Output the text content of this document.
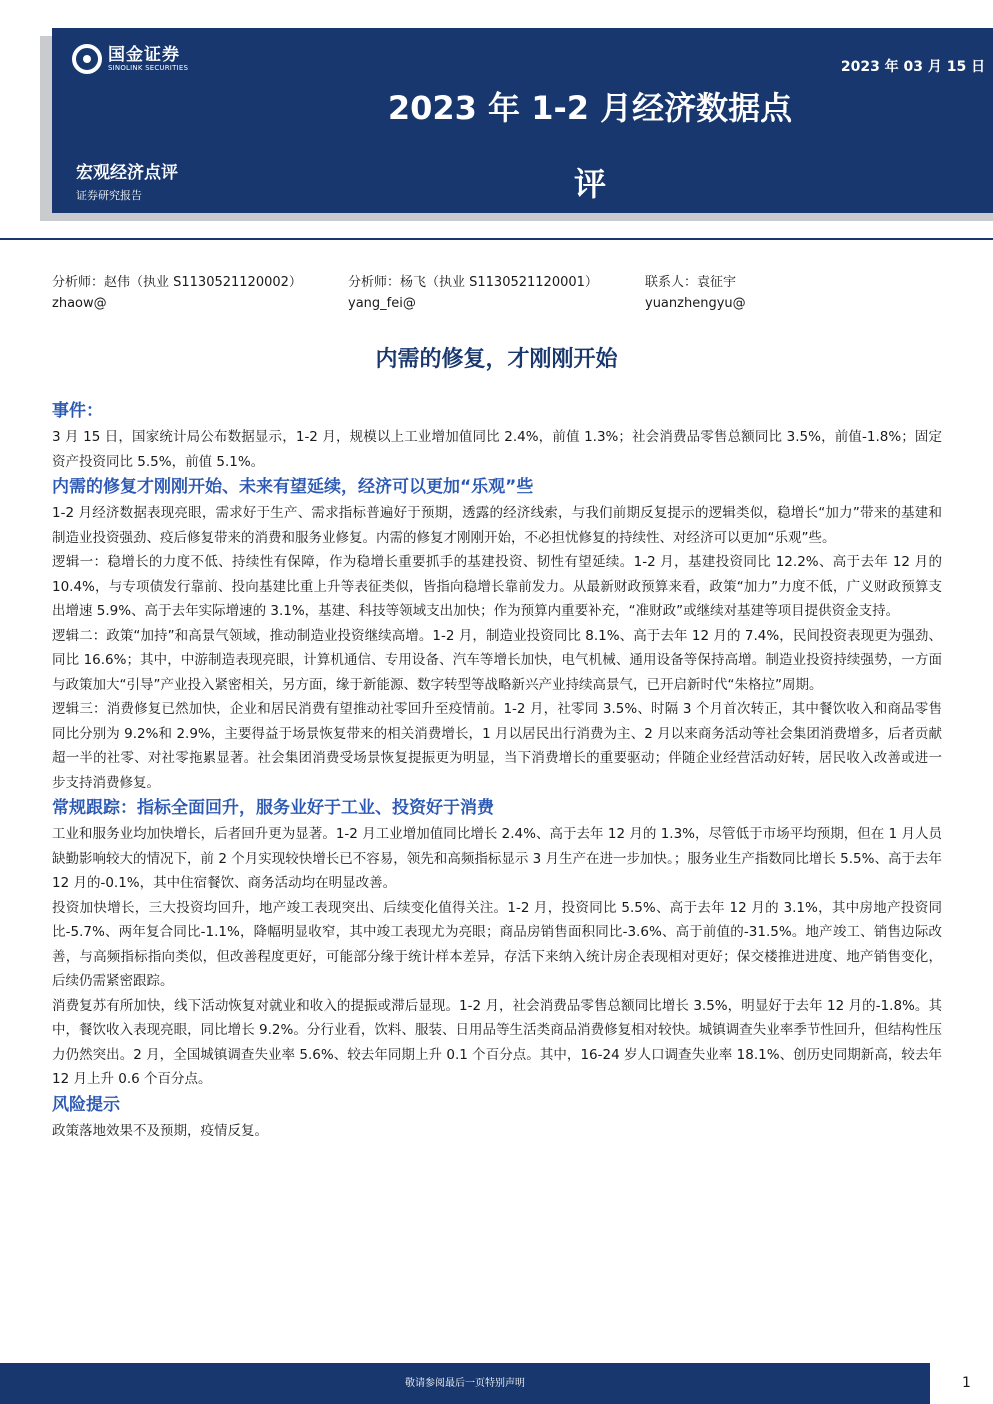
国金证券
SINOLINK SECURITIES	2023 年 03 月 15 日
2023 年 1-2 月经济数据点
评
宏观经济点评
证券研究报告
分析师：赵伟（执业 S1130521120002）
zhaow@
分析师：杨飞（执业 S1130521120001）
yang_fei@
联系人：袁征宇
yuanzhengyu@
内需的修复，才刚刚开始
事件：

3 月 15 日，国家统计局公布数据显示，1-2 月，规模以上工业增加值同比 2.4%，前值 1.3%；社会消费品零售总额同比 3.5%，前值-1.8%；固定资产投资同比 5.5%，前值 5.1%。

内需的修复才刚刚开始、未来有望延续，经济可以更加“乐观”些

1-2 月经济数据表现亮眼，需求好于生产、需求指标普遍好于预期，透露的经济线索，与我们前期反复提示的逻辑类似，稳增长“加力”带来的基建和制造业投资强劲、疫后修复带来的消费和服务业修复。内需的修复才刚刚开始，不必担忧修复的持续性、对经济可以更加“乐观”些。

逻辑一：稳增长的力度不低、持续性有保障，作为稳增长重要抓手的基建投资、韧性有望延续。1-2 月，基建投资同比 12.2%、高于去年 12 月的 10.4%，与专项债发行靠前、投向基建比重上升等表征类似，皆指向稳增长靠前发力。从最新财政预算来看，政策“加力”力度不低，广义财政预算支出增速 5.9%、高于去年实际增速的 3.1%，基建、科技等领域支出加快；作为预算内重要补充，“准财政”或继续对基建等项目提供资金支持。

逻辑二：政策“加持”和高景气领域，推动制造业投资继续高增。1-2 月，制造业投资同比 8.1%、高于去年 12 月的 7.4%，民间投资表现更为强劲、同比 16.6%；其中，中游制造表现亮眼，计算机通信、专用设备、汽车等增长加快，电气机械、通用设备等保持高增。制造业投资持续强势，一方面与政策加大“引导”产业投入紧密相关，另方面，缘于新能源、数字转型等战略新兴产业持续高景气，已开启新时代“朱格拉”周期。

逻辑三：消费修复已然加快，企业和居民消费有望推动社零回升至疫情前。1-2 月，社零同 3.5%、时隔 3 个月首次转正，其中餐饮收入和商品零售同比分别为 9.2%和 2.9%，主要得益于场景恢复带来的相关消费增长，1 月以居民出行消费为主、2 月以来商务活动等社会集团消费增多，后者贡献超一半的社零、对社零拖累显著。社会集团消费受场景恢复提振更为明显，当下消费增长的重要驱动；伴随企业经营活动好转，居民收入改善或进一步支持消费修复。

常规跟踪：指标全面回升，服务业好于工业、投资好于消费

工业和服务业均加快增长，后者回升更为显著。1-2 月工业增加值同比增长 2.4%、高于去年 12 月的 1.3%，尽管低于市场平均预期，但在 1 月人员缺勤影响较大的情况下，前 2 个月实现较快增长已不容易，领先和高频指标显示 3 月生产在进一步加快。；服务业生产指数同比增长 5.5%、高于去年 12 月的-0.1%，其中住宿餐饮、商务活动均在明显改善。

投资加快增长，三大投资均回升，地产竣工表现突出、后续变化值得关注。1-2 月，投资同比 5.5%、高于去年 12 月的 3.1%，其中房地产投资同比-5.7%、两年复合同比-1.1%，降幅明显收窄，其中竣工表现尤为亮眼；商品房销售面积同比-3.6%、高于前值的-31.5%。地产竣工、销售边际改善，与高频指标指向类似，但改善程度更好，可能部分缘于统计样本差异，存活下来纳入统计房企表现相对更好；保交楼推进进度、地产销售变化，后续仍需紧密跟踪。

消费复苏有所加快，线下活动恢复对就业和收入的提振或滞后显现。1-2 月，社会消费品零售总额同比增长 3.5%，明显好于去年 12 月的-1.8%。其中，餐饮收入表现亮眼，同比增长 9.2%。分行业看，饮料、服装、日用品等生活类商品消费修复相对较快。城镇调查失业率季节性回升，但结构性压力仍然突出。2 月，全国城镇调查失业率 5.6%、较去年同期上升 0.1 个百分点。其中，16-24 岁人口调查失业率 18.1%、创历史同期新高，较去年 12 月上升 0.6 个百分点。

风险提示

政策落地效果不及预期，疫情反复。

敬请参阅最后一页特别声明	1
